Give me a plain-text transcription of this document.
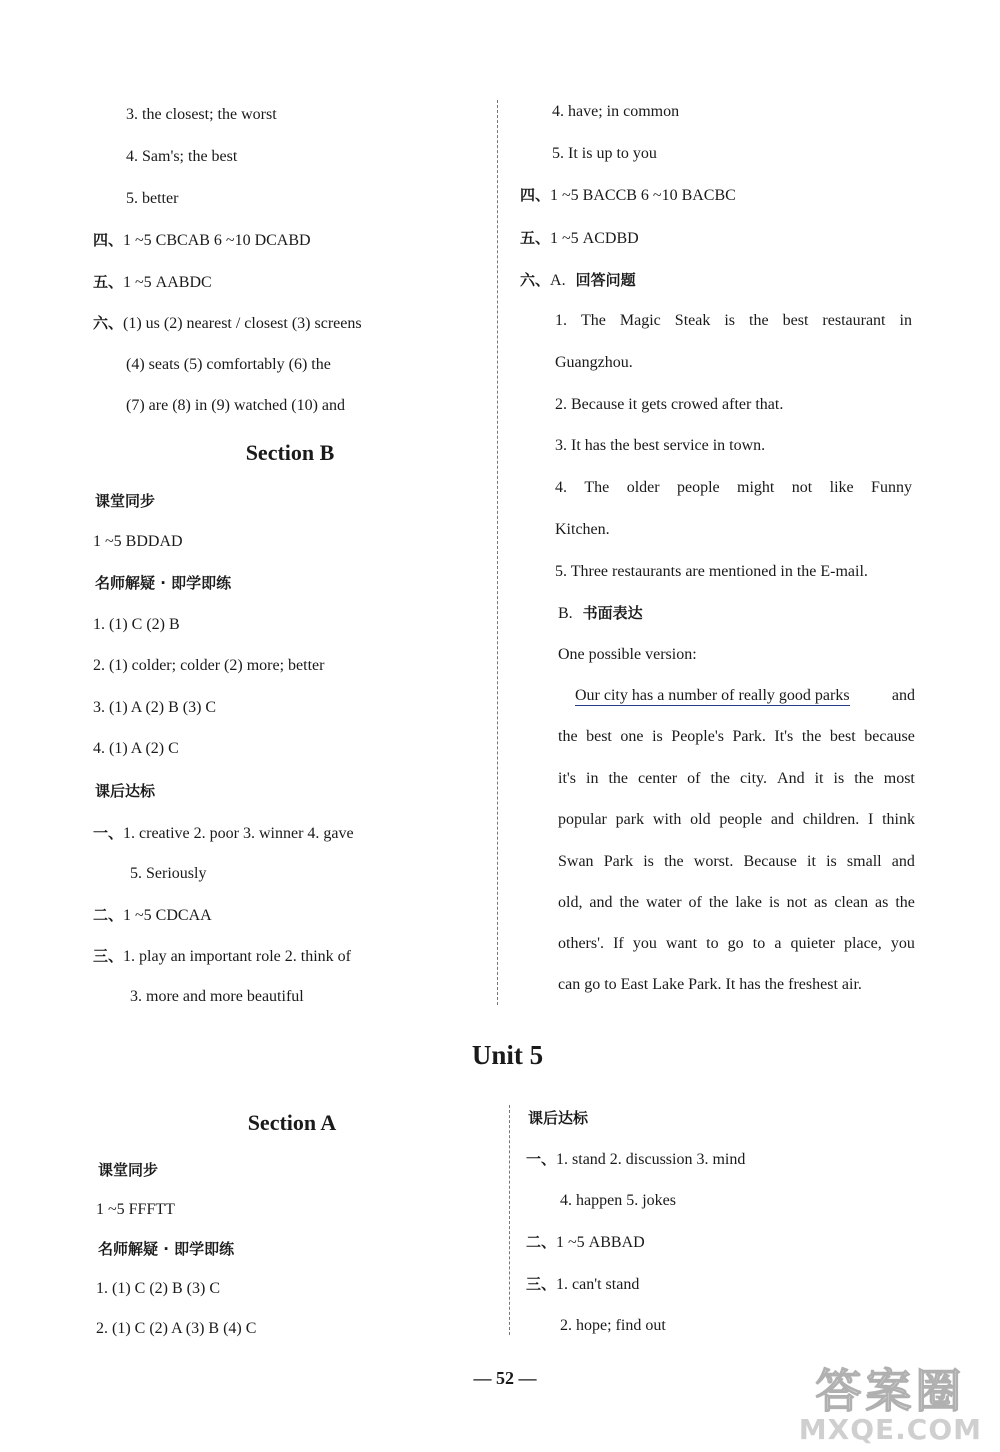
3. the closest; the worst
4. Sam's; the best
5. better
四、1 ~5 CBCAB 6 ~10 DCABD
五、1 ~5 AABDC
六、(1) us (2) nearest / closest (3) screens
(4) seats (5) comfortably (6) the
(7) are (8) in (9) watched (10) and
Section B
课堂同步
1 ~5 BDDAD
名师解疑 · 即学即练
1. (1) C (2) B
2. (1) colder; colder (2) more; better
3. (1) A (2) B (3) C
4. (1) A (2) C
课后达标
一、1. creative 2. poor 3. winner 4. gave
5. Seriously
二、1 ~5 CDCAA
三、1. play an important role 2. think of
3. more and more beautiful
4. have; in common
5. It is up to you
四、1 ~5 BACCB 6 ~10 BACBC
五、1 ~5 ACDBD
六、A. 回答问题
1. The Magic Steak is the best restaurant in
Guangzhou.
2. Because it gets crowed after that.
3. It has the best service in town.
4. The older people might not like Funny
Kitchen.
5. Three restaurants are mentioned in the E-mail.
B. 书面表达
One possible version:
Our city has a number of really good parks	and
the best one is People's Park. It's the best because
it's in the center of the city. And it is the most
popular park with old people and children. I think
Swan Park is the worst. Because it is small and
old, and the water of the lake is not as clean as the
others'. If you want to go to a quieter place, you
can go to East Lake Park. It has the freshest air.
Unit 5
Section A
课堂同步
1 ~5 FFFTT
名师解疑 · 即学即练
1. (1) C (2) B (3) C
2. (1) C (2) A (3) B (4) C
课后达标
一、1. stand 2. discussion 3. mind
4. happen 5. jokes
二、1 ~5 ABBAD
三、1. can't stand
2. hope; find out
— 52 —	答案圈
MXQE.COM
